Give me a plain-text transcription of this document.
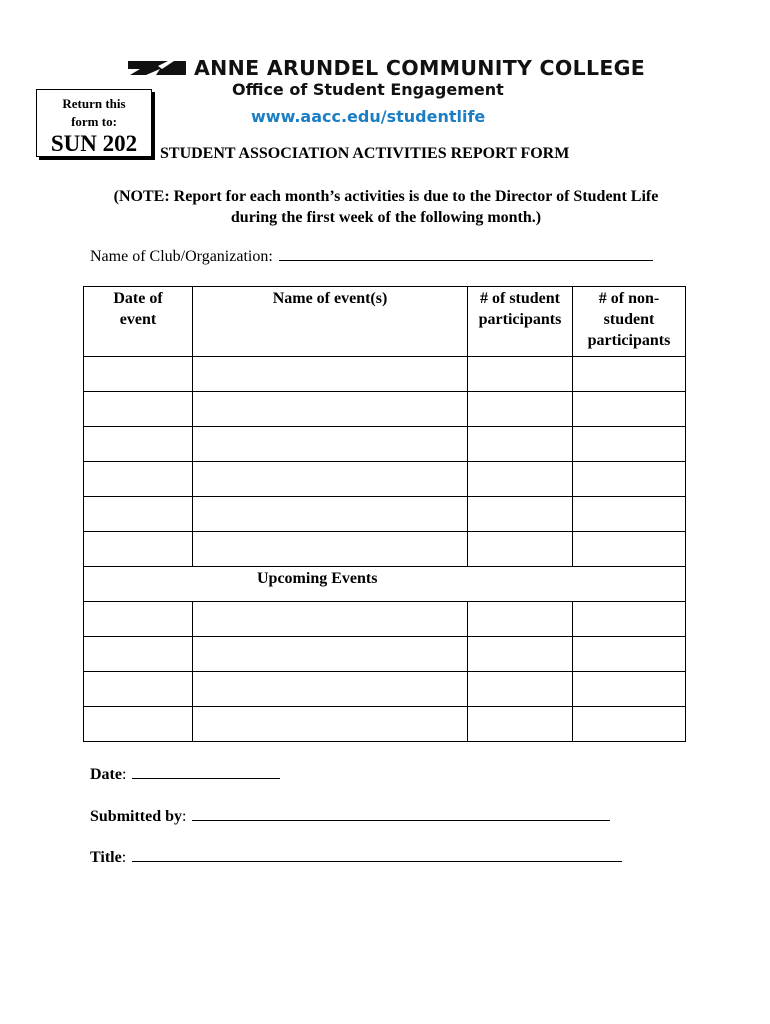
ANNE ARUNDEL COMMUNITY COLLEGE
Office of Student Engagement
www.aacc.edu/studentlife
Return this
form to:
SUN 202	STUDENT ASSOCIATION ACTIVITIES REPORT FORM
(NOTE: Report for each month’s activities is due to the Director of Student Life during the first week of the following month.)
Name of Club/Organization:
Date of event	Name of event(s)	# of student participants	# of non-student participants

Upcoming Events			

Date :
Submitted by :
Title :
